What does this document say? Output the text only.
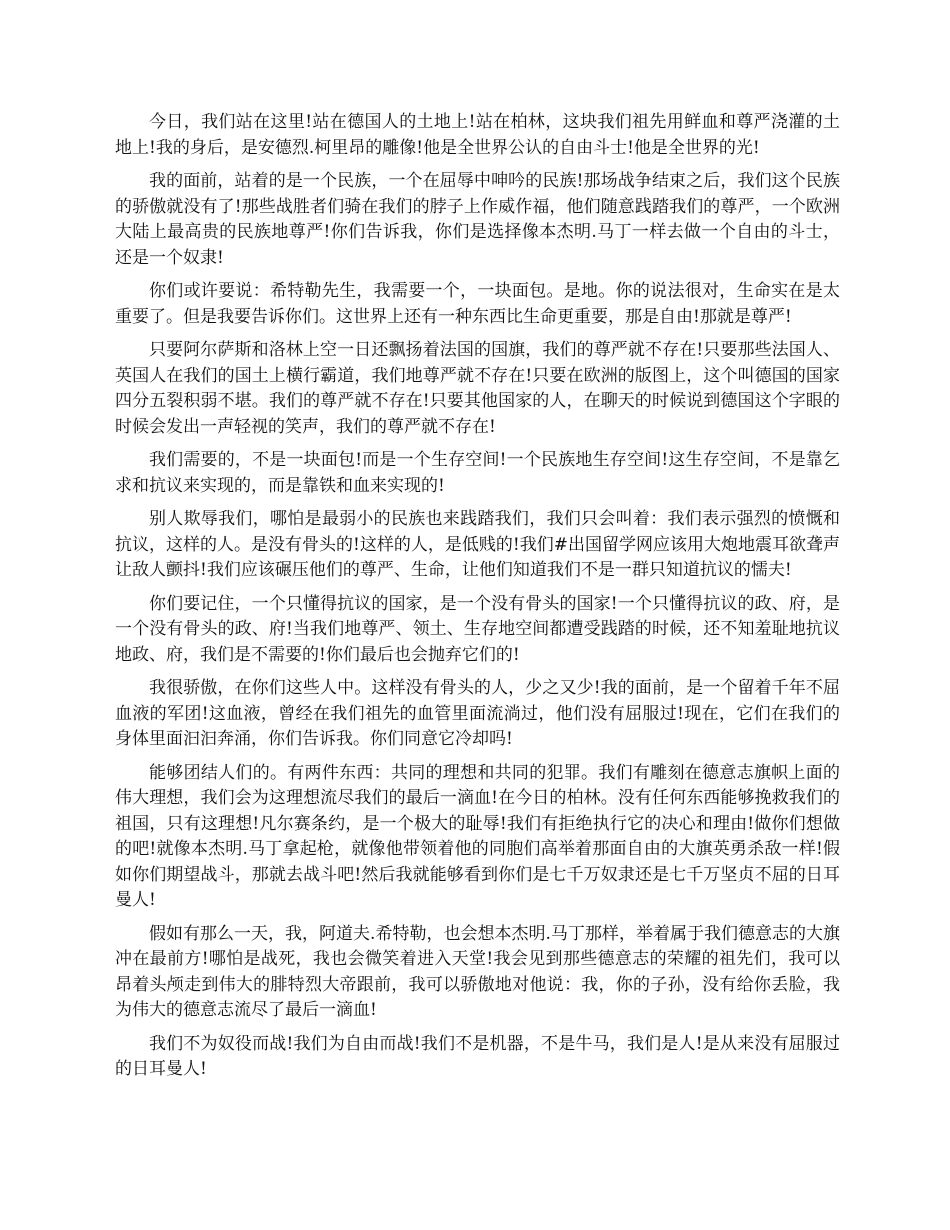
今日，我们站在这里!站在德国人的土地上!站在柏林，这块我们祖先用鲜血和尊严浇灌的土地上!我的身后，是安德烈.柯里昂的雕像!他是全世界公认的自由斗士!他是全世界的光!

我的面前，站着的是一个民族，一个在屈辱中呻吟的民族!那场战争结束之后，我们这个民族的骄傲就没有了!那些战胜者们骑在我们的脖子上作威作福，他们随意践踏我们的尊严，一个欧洲大陆上最高贵的民族地尊严!你们告诉我，你们是选择像本杰明.马丁一样去做一个自由的斗士，还是一个奴隶!

你们或许要说：希特勒先生，我需要一个，一块面包。是地。你的说法很对，生命实在是太重要了。但是我要告诉你们。这世界上还有一种东西比生命更重要，那是自由!那就是尊严!

只要阿尔萨斯和洛林上空一日还飘扬着法国的国旗，我们的尊严就不存在!只要那些法国人、英国人在我们的国土上横行霸道，我们地尊严就不存在!只要在欧洲的版图上，这个叫德国的国家四分五裂积弱不堪。我们的尊严就不存在!只要其他国家的人，在聊天的时候说到德国这个字眼的时候会发出一声轻视的笑声，我们的尊严就不存在!

我们需要的，不是一块面包!而是一个生存空间!一个民族地生存空间!这生存空间，不是靠乞求和抗议来实现的，而是靠铁和血来实现的!

别人欺辱我们，哪怕是最弱小的民族也来践踏我们，我们只会叫着：我们表示强烈的愤慨和抗议，这样的人。是没有骨头的!这样的人，是低贱的!我们#出国留学网应该用大炮地震耳欲聋声让敌人颤抖!我们应该碾压他们的尊严、生命，让他们知道我们不是一群只知道抗议的懦夫!

你们要记住，一个只懂得抗议的国家，是一个没有骨头的国家!一个只懂得抗议的政、府，是一个没有骨头的政、府!当我们地尊严、领土、生存地空间都遭受践踏的时候，还不知羞耻地抗议地政、府，我们是不需要的!你们最后也会抛弃它们的!

我很骄傲，在你们这些人中。这样没有骨头的人，少之又少!我的面前，是一个留着千年不屈血液的军团!这血液，曾经在我们祖先的血管里面流淌过，他们没有屈服过!现在，它们在我们的身体里面汩汩奔涌，你们告诉我。你们同意它冷却吗!

能够团结人们的。有两件东西：共同的理想和共同的犯罪。我们有雕刻在德意志旗帜上面的伟大理想，我们会为这理想流尽我们的最后一滴血!在今日的柏林。没有任何东西能够挽救我们的祖国，只有这理想!凡尔赛条约，是一个极大的耻辱!我们有拒绝执行它的决心和理由!做你们想做的吧!就像本杰明.马丁拿起枪，就像他带领着他的同胞们高举着那面自由的大旗英勇杀敌一样!假如你们期望战斗，那就去战斗吧!然后我就能够看到你们是七千万奴隶还是七千万坚贞不屈的日耳曼人!

假如有那么一天，我，阿道夫.希特勒，也会想本杰明.马丁那样，举着属于我们德意志的大旗冲在最前方!哪怕是战死，我也会微笑着进入天堂!我会见到那些德意志的荣耀的祖先们，我可以昂着头颅走到伟大的腓特烈大帝跟前，我可以骄傲地对他说：我，你的子孙，没有给你丢脸，我为伟大的德意志流尽了最后一滴血!

我们不为奴役而战!我们为自由而战!我们不是机器，不是牛马，我们是人!是从来没有屈服过的日耳曼人!
